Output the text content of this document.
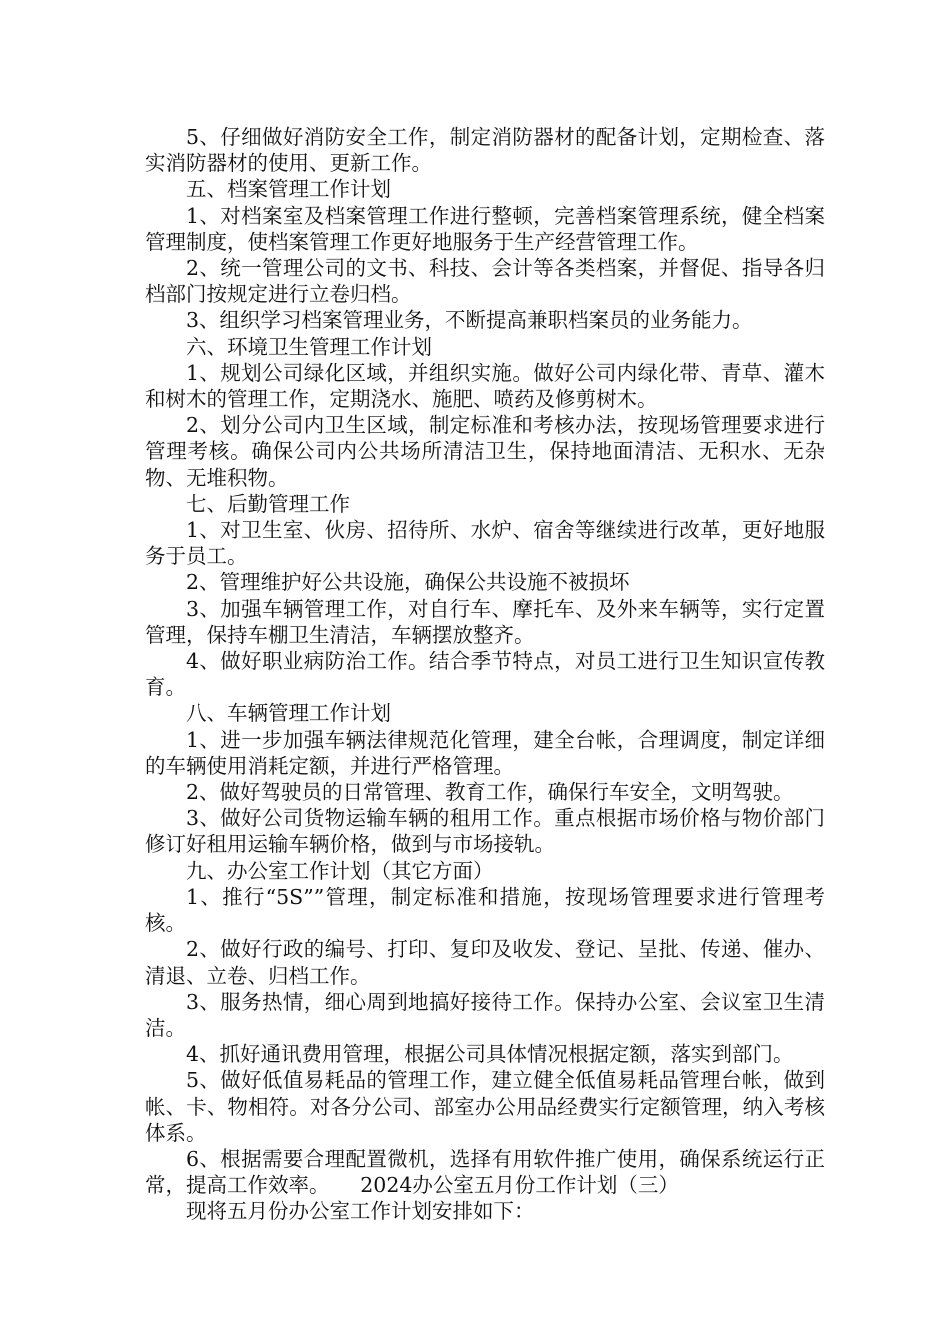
5、仔细做好消防安全工作，制定消防器材的配备计划，定期检查、落实消防器材的使用、更新工作。

五、档案管理工作计划

1、对档案室及档案管理工作进行整顿，完善档案管理系统，健全档案管理制度，使档案管理工作更好地服务于生产经营管理工作。

2、统一管理公司的文书、科技、会计等各类档案，并督促、指导各归档部门按规定进行立卷归档。

3、组织学习档案管理业务，不断提高兼职档案员的业务能力。

六、环境卫生管理工作计划

1、规划公司绿化区域，并组织实施。做好公司内绿化带、青草、灌木和树木的管理工作，定期浇水、施肥、喷药及修剪树木。

2、划分公司内卫生区域，制定标准和考核办法，按现场管理要求进行管理考核。确保公司内公共场所清洁卫生，保持地面清洁、无积水、无杂物、无堆积物。

七、后勤管理工作

1、对卫生室、伙房、招待所、水炉、宿舍等继续进行改革，更好地服务于员工。

2、管理维护好公共设施，确保公共设施不被损坏

3、加强车辆管理工作，对自行车、摩托车、及外来车辆等，实行定置管理，保持车棚卫生清洁，车辆摆放整齐。

4、做好职业病防治工作。结合季节特点，对员工进行卫生知识宣传教育。

八、车辆管理工作计划

1、进一步加强车辆法律规范化管理，建全台帐，合理调度，制定详细的车辆使用消耗定额，并进行严格管理。

2、做好驾驶员的日常管理、教育工作，确保行车安全，文明驾驶。

3、做好公司货物运输车辆的租用工作。重点根据市场价格与物价部门修订好租用运输车辆价格，做到与市场接轨。

九、办公室工作计划（其它方面）

1、推行“5S””管理，制定标准和措施，按现场管理要求进行管理考核。

2、做好行政的编号、打印、复印及收发、登记、呈批、传递、催办、清退、立卷、归档工作。

3、服务热情，细心周到地搞好接待工作。保持办公室、会议室卫生清洁。

4、抓好通讯费用管理，根据公司具体情况根据定额，落实到部门。

5、做好低值易耗品的管理工作，建立健全低值易耗品管理台帐，做到帐、卡、物相符。对各分公司、部室办公用品经费实行定额管理，纳入考核体系。

6、根据需要合理配置微机，选择有用软件推广使用，确保系统运行正常，提高工作效率。　　2024办公室五月份工作计划（三）

现将五月份办公室工作计划安排如下：
